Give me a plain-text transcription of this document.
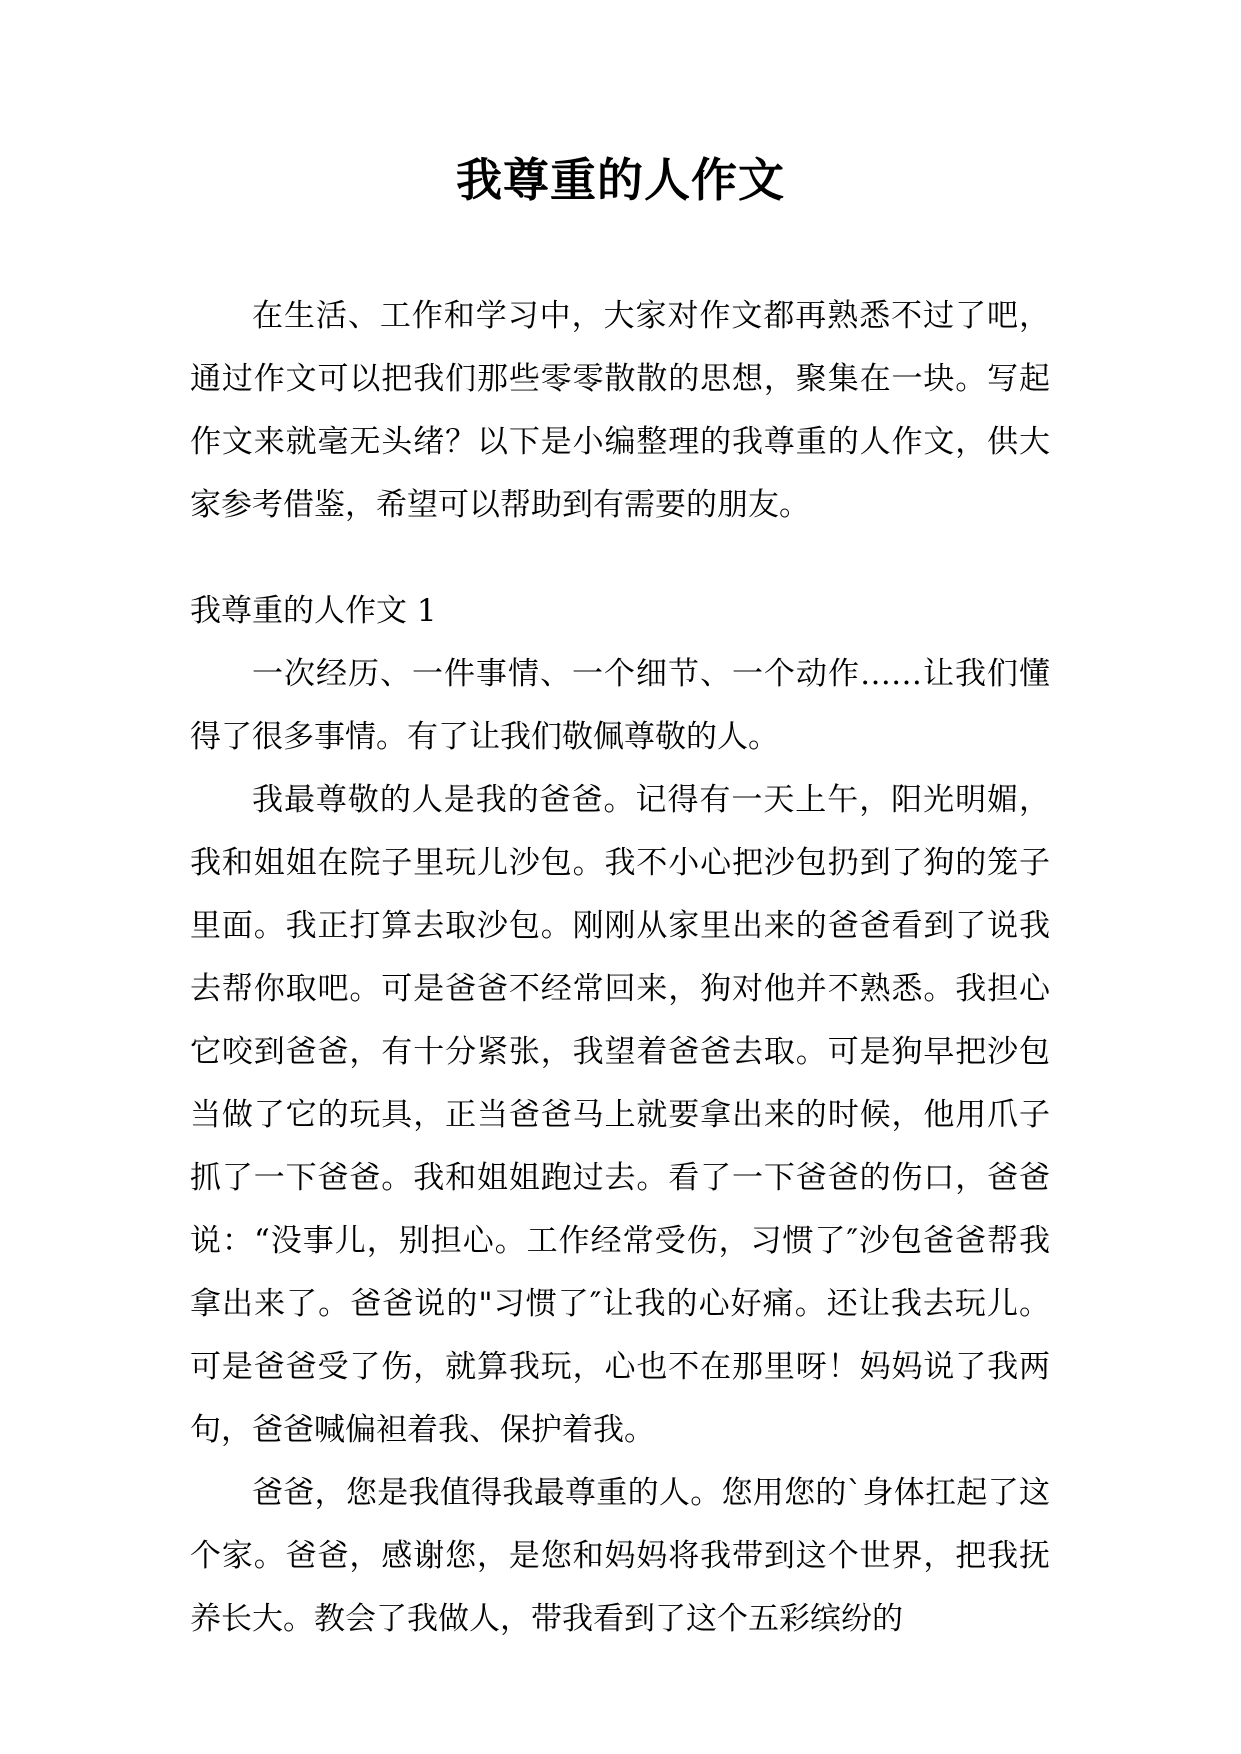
我尊重的人作文

在生活、工作和学习中，大家对作文都再熟悉不过了吧，通过作文可以把我们那些零零散散的思想，聚集在一块。写起作文来就毫无头绪？以下是小编整理的我尊重的人作文，供大家参考借鉴，希望可以帮助到有需要的朋友。

我尊重的人作文 1

一次经历、一件事情、一个细节、一个动作……让我们懂得了很多事情。有了让我们敬佩尊敬的人。

我最尊敬的人是我的爸爸。记得有一天上午，阳光明媚，我和姐姐在院子里玩儿沙包。我不小心把沙包扔到了狗的笼子里面。我正打算去取沙包。刚刚从家里出来的爸爸看到了说我去帮你取吧。可是爸爸不经常回来，狗对他并不熟悉。我担心它咬到爸爸，有十分紧张，我望着爸爸去取。可是狗早把沙包当做了它的玩具，正当爸爸马上就要拿出来的时候，他用爪子抓了一下爸爸。我和姐姐跑过去。看了一下爸爸的伤口，爸爸说：“没事儿，别担心。工作经常受伤，习惯了″沙包爸爸帮我拿出来了。爸爸说的"习惯了″让我的心好痛。还让我去玩儿。可是爸爸受了伤，就算我玩，心也不在那里呀！妈妈说了我两句，爸爸喊偏袒着我、保护着我。

爸爸，您是我值得我最尊重的人。您用您的`身体扛起了这个家。爸爸，感谢您，是您和妈妈将我带到这个世界，把我抚养长大。教会了我做人，带我看到了这个五彩缤纷的
